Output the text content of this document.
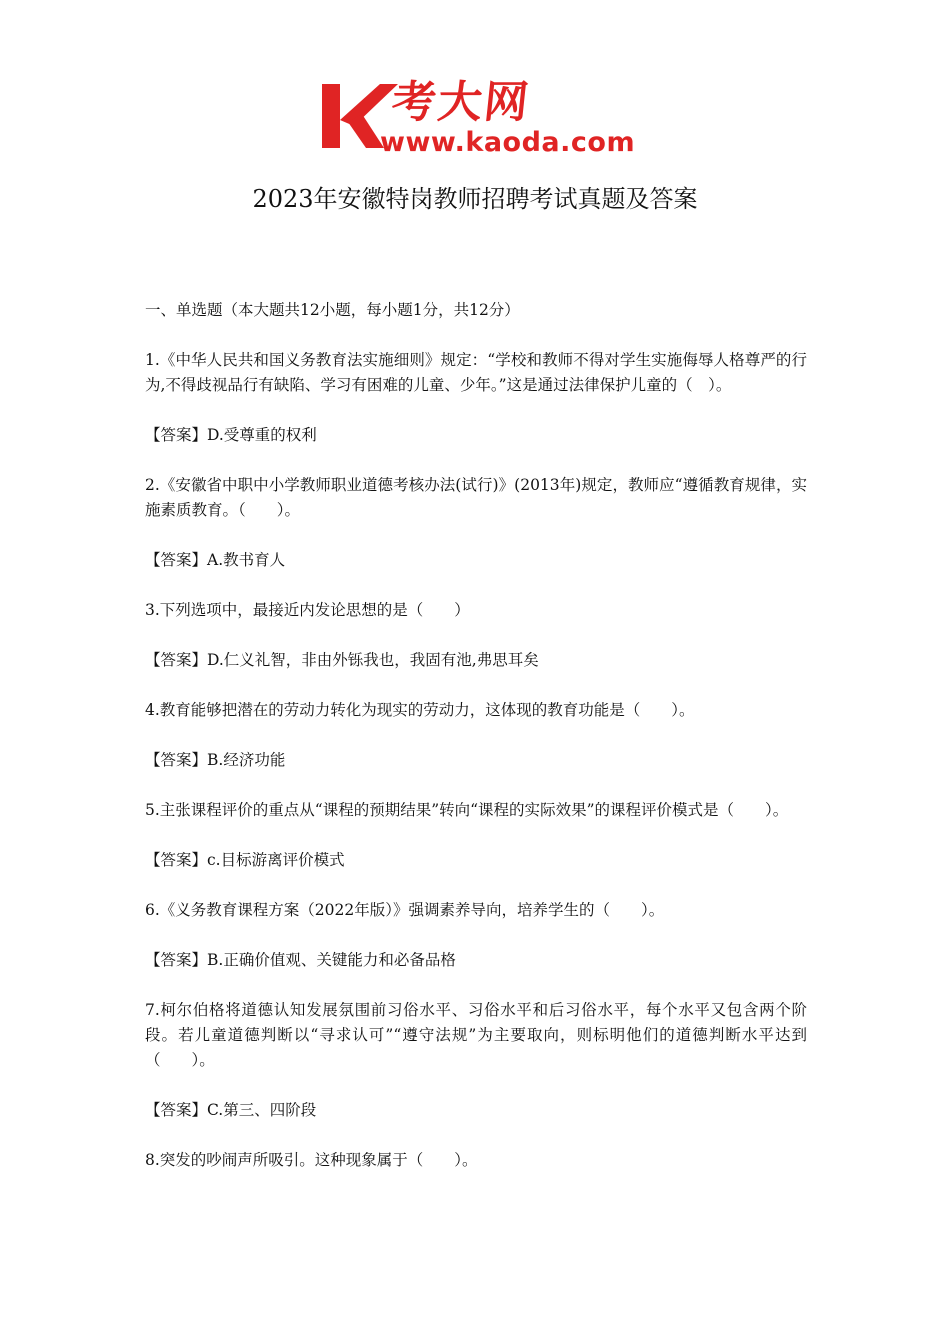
考大网
www.kaoda.com
2023年安徽特岗教师招聘考试真题及答案
一、单选题（本大题共12小题，每小题1分，共12分）
1.《中华人民共和国义务教育法实施细则》规定：“学校和教师不得对学生实施侮辱人格尊严的行为,不得歧视品行有缺陷、学习有困难的儿童、少年。”这是通过法律保护儿童的（　）。
【答案】D.受尊重的权利
2.《安徽省中职中小学教师职业道德考核办法(试行)》(2013年)规定，教师应“遵循教育规律，实施素质教育。（　　）。
【答案】A.教书育人
3.下列选项中，最接近内发论思想的是（　　）
【答案】D.仁义礼智，非由外铄我也，我固有池,弗思耳矣
4.教育能够把潜在的劳动力转化为现实的劳动力，这体现的教育功能是（　　）。
【答案】B.经济功能
5.主张课程评价的重点从“课程的预期结果”转向“课程的实际效果”的课程评价模式是（　　）。
【答案】c.目标游离评价模式
6.《义务教育课程方案（2022年版）》强调素养导向，培养学生的（　　）。
【答案】B.正确价值观、关键能力和必备品格
7.柯尔伯格将道德认知发展氛围前习俗水平、习俗水平和后习俗水平，每个水平又包含两个阶段。若儿童道德判断以“寻求认可”“遵守法规”为主要取向，则标明他们的道德判断水平达到（　　）。
【答案】C.第三、四阶段
8.突发的吵闹声所吸引。这种现象属于（　　）。
